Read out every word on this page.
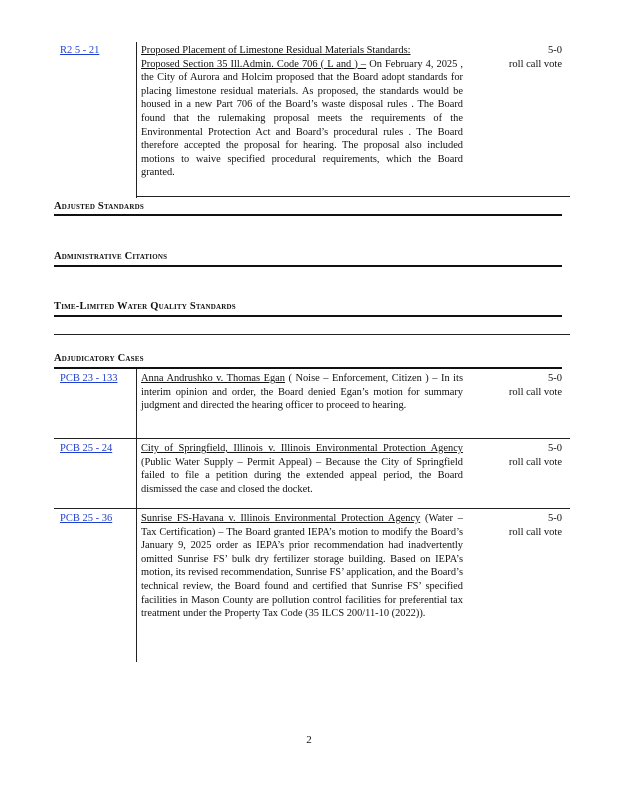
R2 5 - 21	Proposed Placement of Limestone Residual Materials Standards:
Proposed Section 35 Ill.Admin. Code 706 ( L and ) – On February 4, 2025 , the City of Aurora and Holcim proposed that the Board adopt standards for placing limestone residual materials. As proposed, the standards would be housed in a new Part 706 of the Board’s waste disposal rules . The Board found that the rulemaking proposal meets the requirements of the Environmental Protection Act and Board’s procedural rules . The Board therefore accepted the proposal for hearing. The proposal also included motions to waive specified procedural requirements, which the Board granted.
5-0
roll call vote
Adjusted Standards
Administrative Citations
Time-Limited Water Quality Standards
Adjudicatory Cases
PCB 23 - 133 Anna Andrushko v. Thomas Egan ( Noise – Enforcement, Citizen ) – In its interim opinion and order, the Board denied Egan’s motion for summary judgment and directed the hearing officer to proceed to hearing.
5-0
roll call vote
PCB 25 - 24	City of Springfield, Illinois v. Illinois Environmental Protection Agency (Public Water Supply – Permit Appeal) – Because the City of Springfield failed to file a petition during the extended appeal period, the Board dismissed the case and closed the docket.
5-0
roll call vote
PCB 25 - 36	Sunrise FS-Havana v. Illinois Environmental Protection Agency (Water – Tax Certification) – The Board granted IEPA’s motion to modify the Board’s January 9, 2025 order as IEPA’s prior recommendation had inadvertently omitted Sunrise FS’ bulk dry fertilizer storage building. Based on IEPA’s motion, its revised recommendation, Sunrise FS’ application, and the Board’s technical review, the Board found and certified that Sunrise FS’ specified facilities in Mason County are pollution control facilities for preferential tax treatment under the Property Tax Code (35 ILCS 200/11-10 (2022)).
5-0
roll call vote
2
